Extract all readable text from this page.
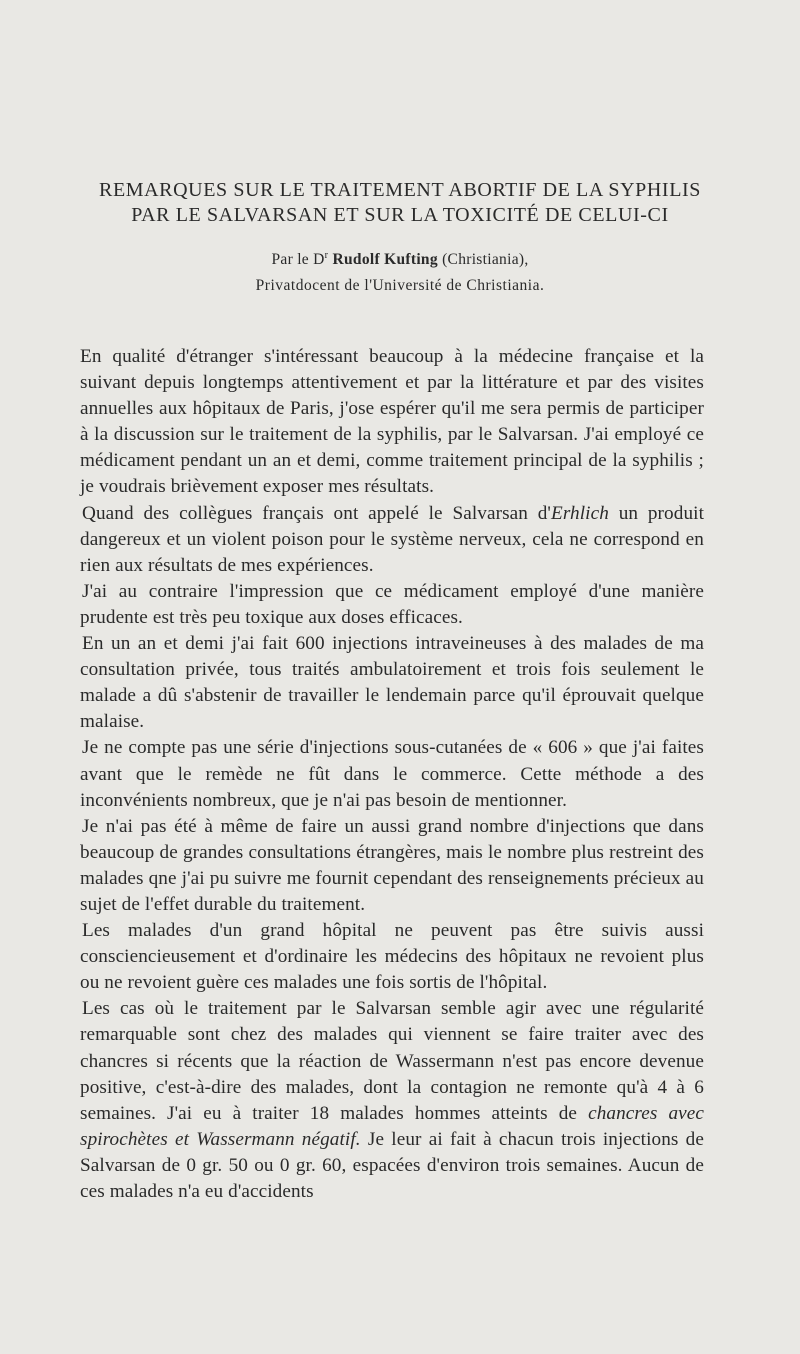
REMARQUES SUR LE TRAITEMENT ABORTIF DE LA SYPHILIS
PAR LE SALVARSAN ET SUR LA TOXICITÉ DE CELUI-CI
Par le $D^r$ Rudolf Kufting (Christiania),
Privatdocent de l'Université de Christiania.

En qualité d'étranger s'intéressant beaucoup à la médecine française et la suivant depuis longtemps attentivement et par la littérature et par des visites annuelles aux hôpitaux de Paris, j'ose espérer qu'il me sera permis de participer à la discussion sur le traitement de la syphilis, par le Salvarsan. J'ai employé ce médicament pendant un an et demi, comme traitement principal de la syphilis ; je voudrais brièvement exposer mes résultats.

Quand des collègues français ont appelé le Salvarsan d'Erhlich un produit dangereux et un violent poison pour le système nerveux, cela ne correspond en rien aux résultats de mes expériences.

J'ai au contraire l'impression que ce médicament employé d'une manière prudente est très peu toxique aux doses efficaces.

En un an et demi j'ai fait 600 injections intraveineuses à des malades de ma consultation privée, tous traités ambulatoirement et trois fois seulement le malade a dû s'abstenir de travailler le lendemain parce qu'il éprouvait quelque malaise.

Je ne compte pas une série d'injections sous-cutanées de « 606 » que j'ai faites avant que le remède ne fût dans le commerce. Cette méthode a des inconvénients nombreux, que je n'ai pas besoin de mentionner.

Je n'ai pas été à même de faire un aussi grand nombre d'injections que dans beaucoup de grandes consultations étrangères, mais le nombre plus restreint des malades qne j'ai pu suivre me fournit cependant des renseignements précieux au sujet de l'effet durable du traitement.

Les malades d'un grand hôpital ne peuvent pas être suivis aussi consciencieusement et d'ordinaire les médecins des hôpitaux ne revoient plus ou ne revoient guère ces malades une fois sortis de l'hôpital.

Les cas où le traitement par le Salvarsan semble agir avec une régularité remarquable sont chez des malades qui viennent se faire traiter avec des chancres si récents que la réaction de Wassermann n'est pas encore devenue positive, c'est-à-dire des malades, dont la contagion ne remonte qu'à 4 à 6 semaines. J'ai eu à traiter 18 malades hommes atteints de chancres avec spirochètes et Wassermann négatif. Je leur ai fait à chacun trois injections de Salvarsan de 0 gr. 50 ou 0 gr. 60, espacées d'environ trois semaines. Aucun de ces malades n'a eu d'accidents
